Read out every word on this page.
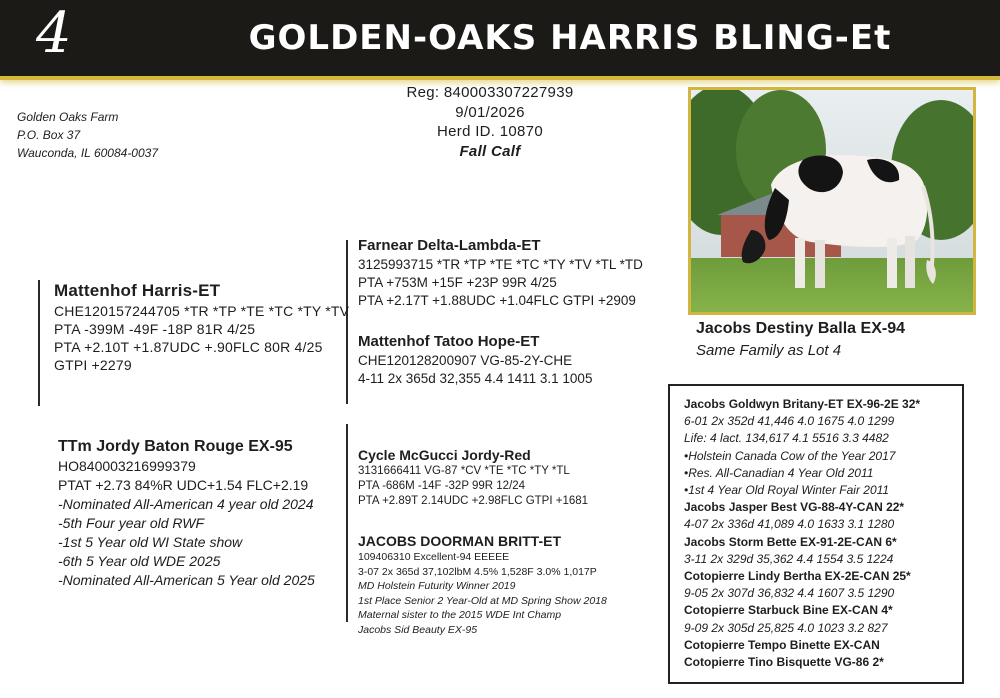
4	GOLDEN-OAKS HARRIS BLING-Et
Golden Oaks Farm
P.O. Box 37
Wauconda, IL 60084-0037
Reg: 840003307227939
9/01/2026
Herd ID. 10870
Fall Calf
Jacobs Destiny Balla EX-94
Same Family as Lot 4
Mattenhof Harris-ET
CHE120157244705 *TR *TP *TE *TC *TY *TV
PTA -399M -49F -18P 81R 4/25
PTA +2.10T +1.87UDC +.90FLC 80R 4/25
GTPI +2279
Farnear Delta-Lambda-ET
3125993715 *TR *TP *TE *TC *TY *TV *TL *TD
PTA +753M +15F +23P 99R 4/25
PTA +2.17T +1.88UDC +1.04FLC GTPI +2909
Mattenhof Tatoo Hope-ET
CHE120128200907 VG-85-2Y-CHE
4-11 2x 365d 32,355 4.4 1411 3.1 1005
TTm Jordy Baton Rouge EX-95
HO840003216999379
PTAT +2.73 84%R UDC+1.54 FLC+2.19
-Nominated All-American 4 year old 2024
-5th Four year old RWF
-1st 5 Year old WI State show
-6th 5 Year old WDE 2025
-Nominated All-American 5 Year old 2025
Cycle McGucci Jordy-Red
3131666411 VG-87 *CV *TE *TC *TY *TL
PTA -686M -14F -32P 99R 12/24
PTA +2.89T 2.14UDC +2.98FLC GTPI +1681
JACOBS DOORMAN BRITT-ET
109406310 Excellent-94 EEEEE
3-07 2x 365d 37,102lbM 4.5% 1,528F 3.0% 1,017P
MD Holstein Futurity Winner 2019
1st Place Senior 2 Year-Old at MD Spring Show 2018
Maternal sister to the 2015 WDE Int Champ
Jacobs Sid Beauty EX-95
Jacobs Goldwyn Britany-ET EX-96-2E 32*
6-01 2x 352d 41,446 4.0 1675 4.0 1299
Life: 4 lact. 134,617 4.1 5516 3.3 4482
•Holstein Canada Cow of the Year 2017
•Res. All-Canadian 4 Year Old 2011
•1st 4 Year Old Royal Winter Fair 2011
Jacobs Jasper Best VG-88-4Y-CAN 22*
4-07 2x 336d 41,089 4.0 1633 3.1 1280
Jacobs Storm Bette EX-91-2E-CAN 6*
3-11 2x 329d 35,362 4.4 1554 3.5 1224
Cotopierre Lindy Bertha EX-2E-CAN 25*
9-05 2x 307d 36,832 4.4 1607 3.5 1290
Cotopierre Starbuck Bine EX-CAN 4*
9-09 2x 305d 25,825 4.0 1023 3.2 827
Cotopierre Tempo Binette EX-CAN
Cotopierre Tino Bisquette VG-86 2*
